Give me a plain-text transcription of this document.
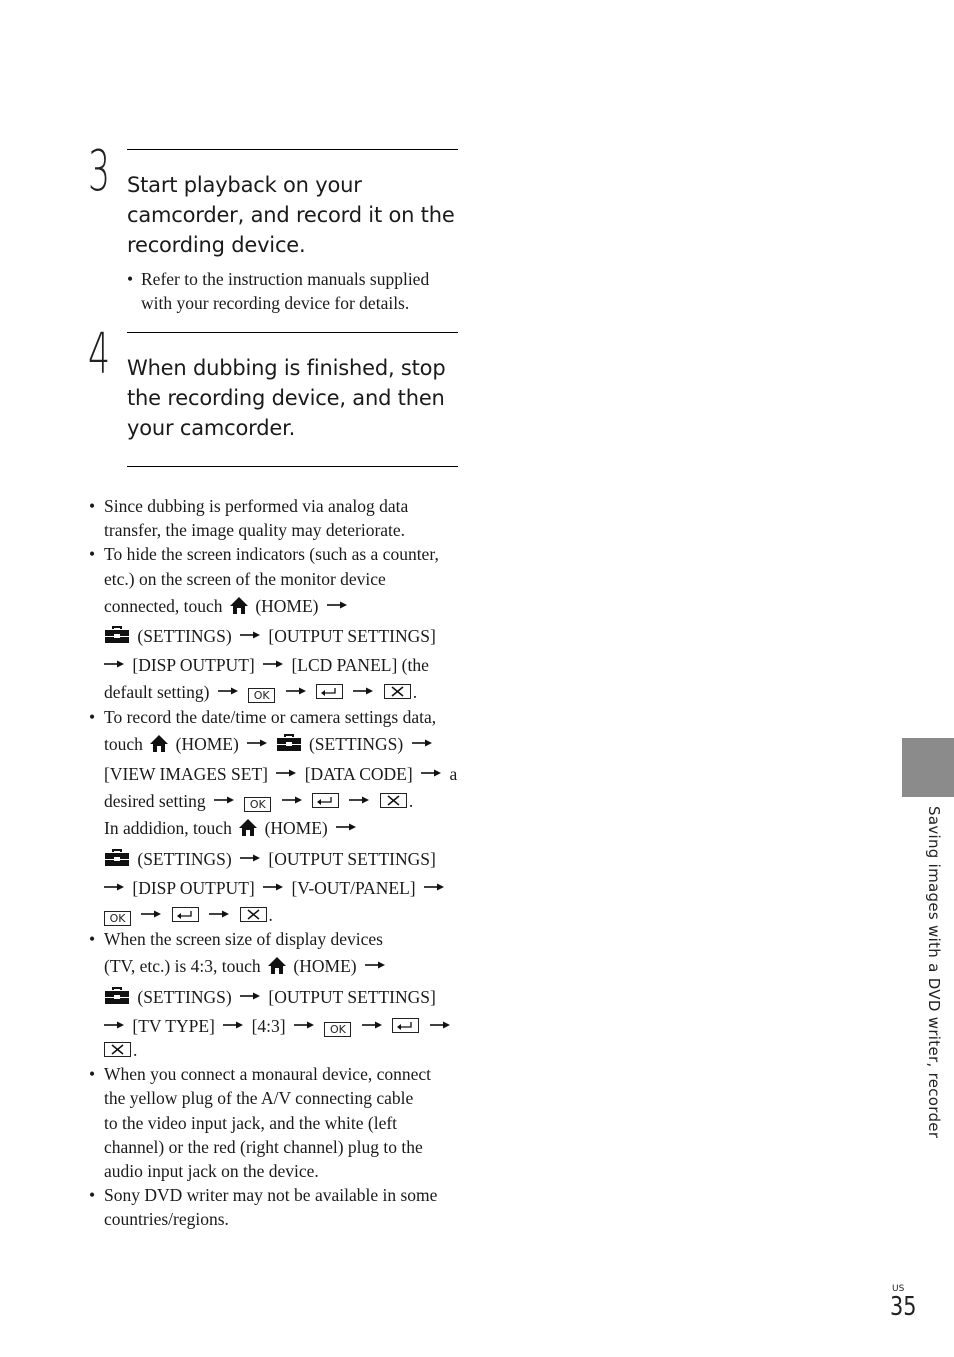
3 Start playback on your
camcorder, and record it on the
recording device.
• Refer to the instruction manuals supplied
with your recording device for details.
4 When dubbing is finished, stop
the recording device, and then
your camcorder.
• Since dubbing is performed via analog data
transfer, the image quality may deteriorate.
• To hide the screen indicators (such as a counter,
etc.) on the screen of the monitor device
connected, touch (HOME)
(SETTINGS) [OUTPUT SETTINGS]
[DISP OUTPUT] [LCD PANEL] (the
default setting)	OK
	.
• To record the date/time or camera settings data,
touch (HOME)	(SETTINGS)
[VIEW IMAGES SET] [DATA CODE] a
desired setting	OK
	.
In addidion, touch (HOME)
(SETTINGS) [OUTPUT SETTINGS]
[DISP OUTPUT] [V-OUT/PANEL]
OK
	.
• When the screen size of display devices
(TV, etc.) is 4:3, touch (HOME)
(SETTINGS) [OUTPUT SETTINGS]
[TV TYPE] [4:3]	OK

.
• When you connect a monaural device, connect
the yellow plug of the A/V connecting cable
to the video input jack, and the white (left
channel) or the red (right channel) plug to the
audio input jack on the device.
• Sony DVD writer may not be available in some
countries/regions.
Saving images with a DVD writer, recorder
US
35
